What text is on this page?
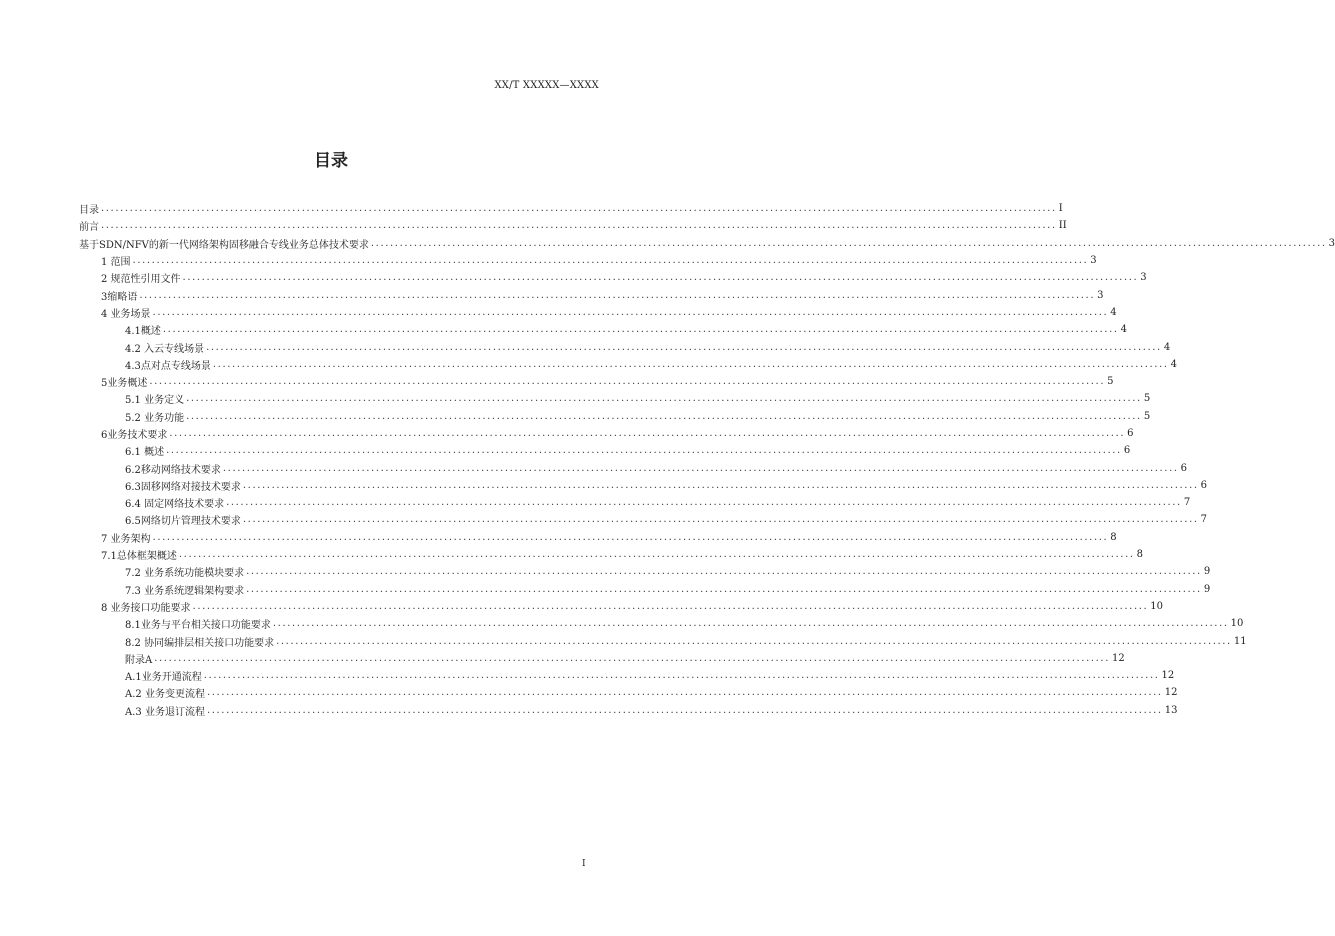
XX/T XXXXX—XXXX
目录
目录 ........................................................................................................................................................................................................ I
前言 ........................................................................................................................................................................................................ II
基于SDN/NFV的新一代网络架构固移融合专线业务总体技术要求 ........................................................................................................................................................................................................ 3
1 范围 ........................................................................................................................................................................................................ 3
2 规范性引用文件 ........................................................................................................................................................................................................ 3
3缩略语 ........................................................................................................................................................................................................ 3
4 业务场景 ........................................................................................................................................................................................................ 4
4.1概述 ........................................................................................................................................................................................................ 4
4.2 入云专线场景 ........................................................................................................................................................................................................ 4
4.3点对点专线场景 ........................................................................................................................................................................................................ 4
5业务概述 ........................................................................................................................................................................................................ 5
5.1 业务定义 ........................................................................................................................................................................................................ 5
5.2 业务功能 ........................................................................................................................................................................................................ 5
6业务技术要求 ........................................................................................................................................................................................................ 6
6.1 概述 ........................................................................................................................................................................................................ 6
6.2移动网络技术要求 ........................................................................................................................................................................................................ 6
6.3固移网络对接技术要求 ........................................................................................................................................................................................................ 6
6.4 固定网络技术要求 ........................................................................................................................................................................................................ 7
6.5网络切片管理技术要求 ........................................................................................................................................................................................................ 7
7 业务架构 ........................................................................................................................................................................................................ 8
7.1总体框架概述 ........................................................................................................................................................................................................ 8
7.2 业务系统功能模块要求 ........................................................................................................................................................................................................ 9
7.3 业务系统逻辑架构要求 ........................................................................................................................................................................................................ 9
8 业务接口功能要求 ........................................................................................................................................................................................................ 10
8.1业务与平台相关接口功能要求 ........................................................................................................................................................................................................ 10
8.2 协同编排层相关接口功能要求 ........................................................................................................................................................................................................ 11
附录A ........................................................................................................................................................................................................ 12
A.1业务开通流程 ........................................................................................................................................................................................................ 12
A.2 业务变更流程 ........................................................................................................................................................................................................ 12
A.3 业务退订流程 ........................................................................................................................................................................................................ 13
I
